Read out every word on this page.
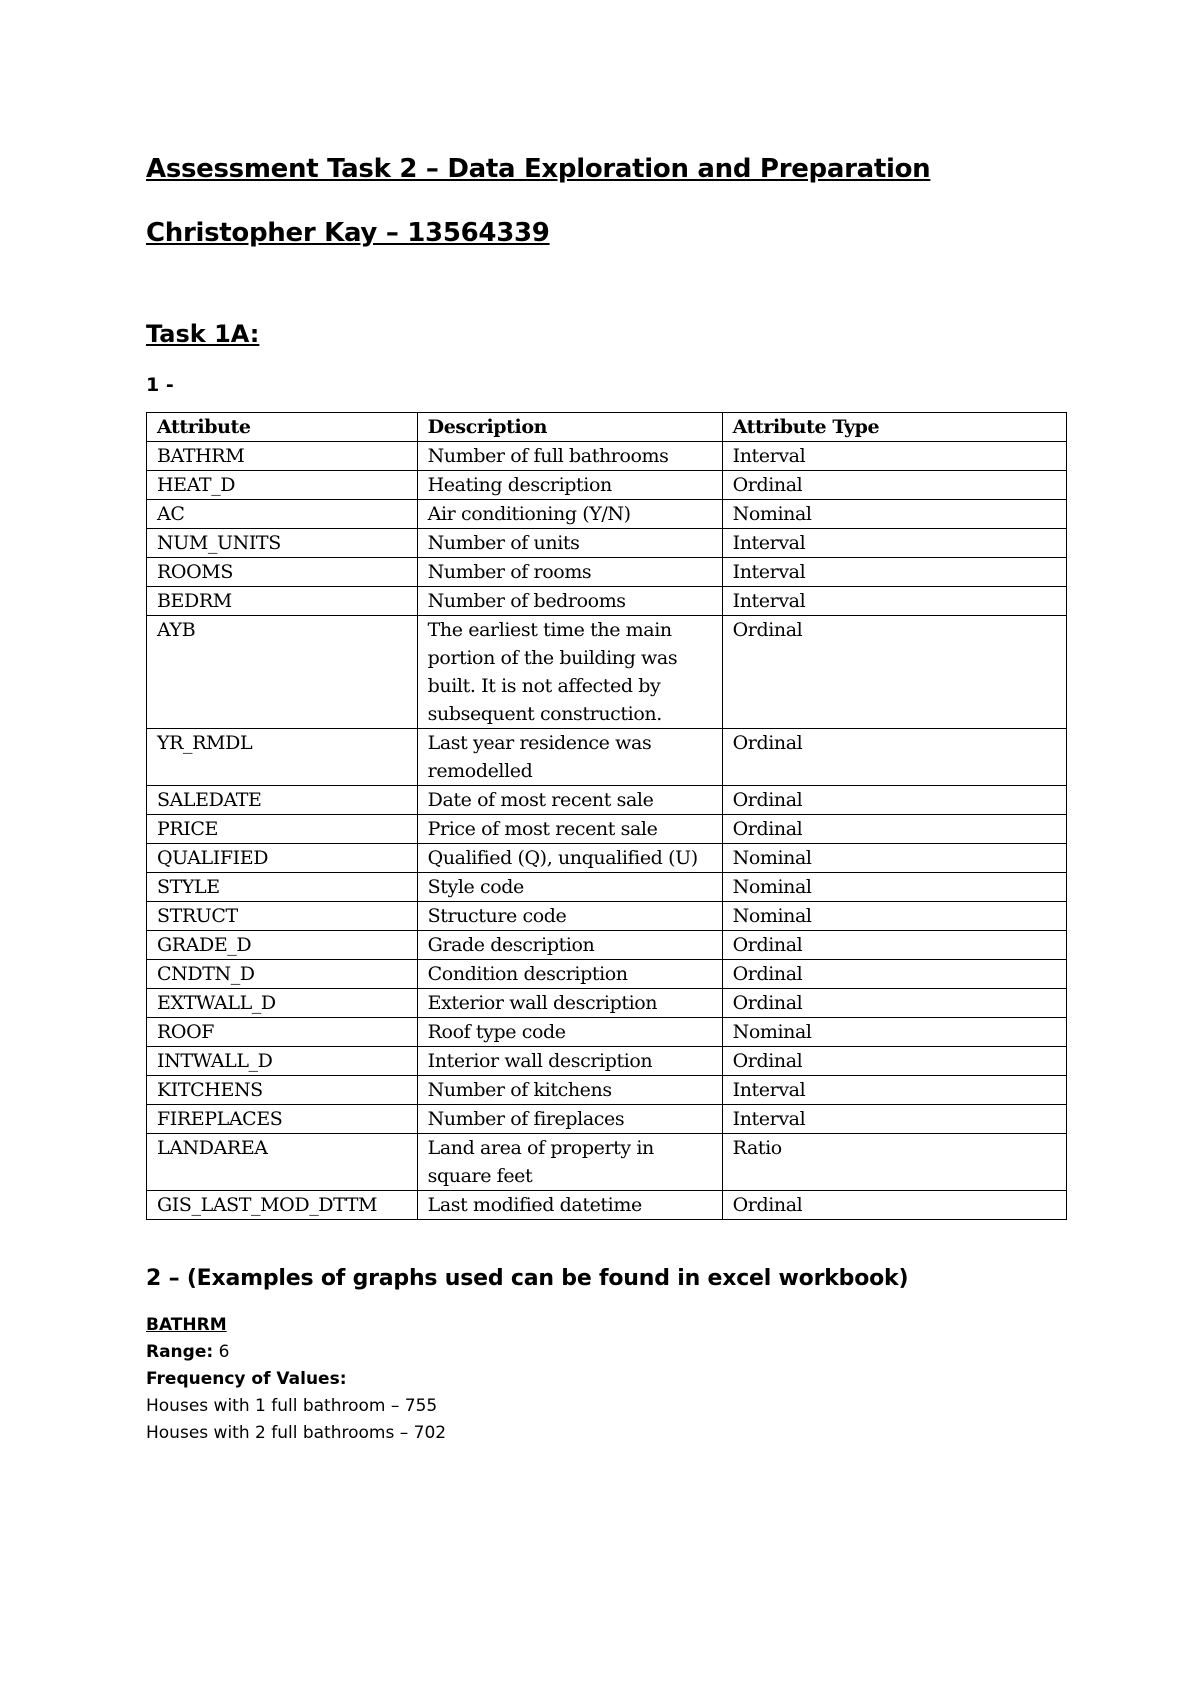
Assessment Task 2 – Data Exploration and Preparation
Christopher Kay – 13564339
Task 1A:
1 -
Attribute	Description	Attribute Type
BATHRM	Number of full bathrooms	Interval
HEAT_D	Heating description	Ordinal
AC	Air conditioning (Y/N)	Nominal
NUM_UNITS	Number of units	Interval
ROOMS	Number of rooms	Interval
BEDRM	Number of bedrooms	Interval
AYB	The earliest time the main portion of the building was built. It is not affected by subsequent construction.	Ordinal
YR_RMDL	Last year residence was remodelled	Ordinal
SALEDATE	Date of most recent sale	Ordinal
PRICE	Price of most recent sale	Ordinal
QUALIFIED	Qualified (Q), unqualified (U)	Nominal
STYLE	Style code	Nominal
STRUCT	Structure code	Nominal
GRADE_D	Grade description	Ordinal
CNDTN_D	Condition description	Ordinal
EXTWALL_D	Exterior wall description	Ordinal
ROOF	Roof type code	Nominal
INTWALL_D	Interior wall description	Ordinal
KITCHENS	Number of kitchens	Interval
FIREPLACES	Number of fireplaces	Interval
LANDAREA	Land area of property in square feet	Ratio
GIS_LAST_MOD_DTTM	Last modified datetime	Ordinal
2 – (Examples of graphs used can be found in excel workbook)

BATHRM

Range: 6

Frequency of Values:

Houses with 1 full bathroom – 755

Houses with 2 full bathrooms – 702
